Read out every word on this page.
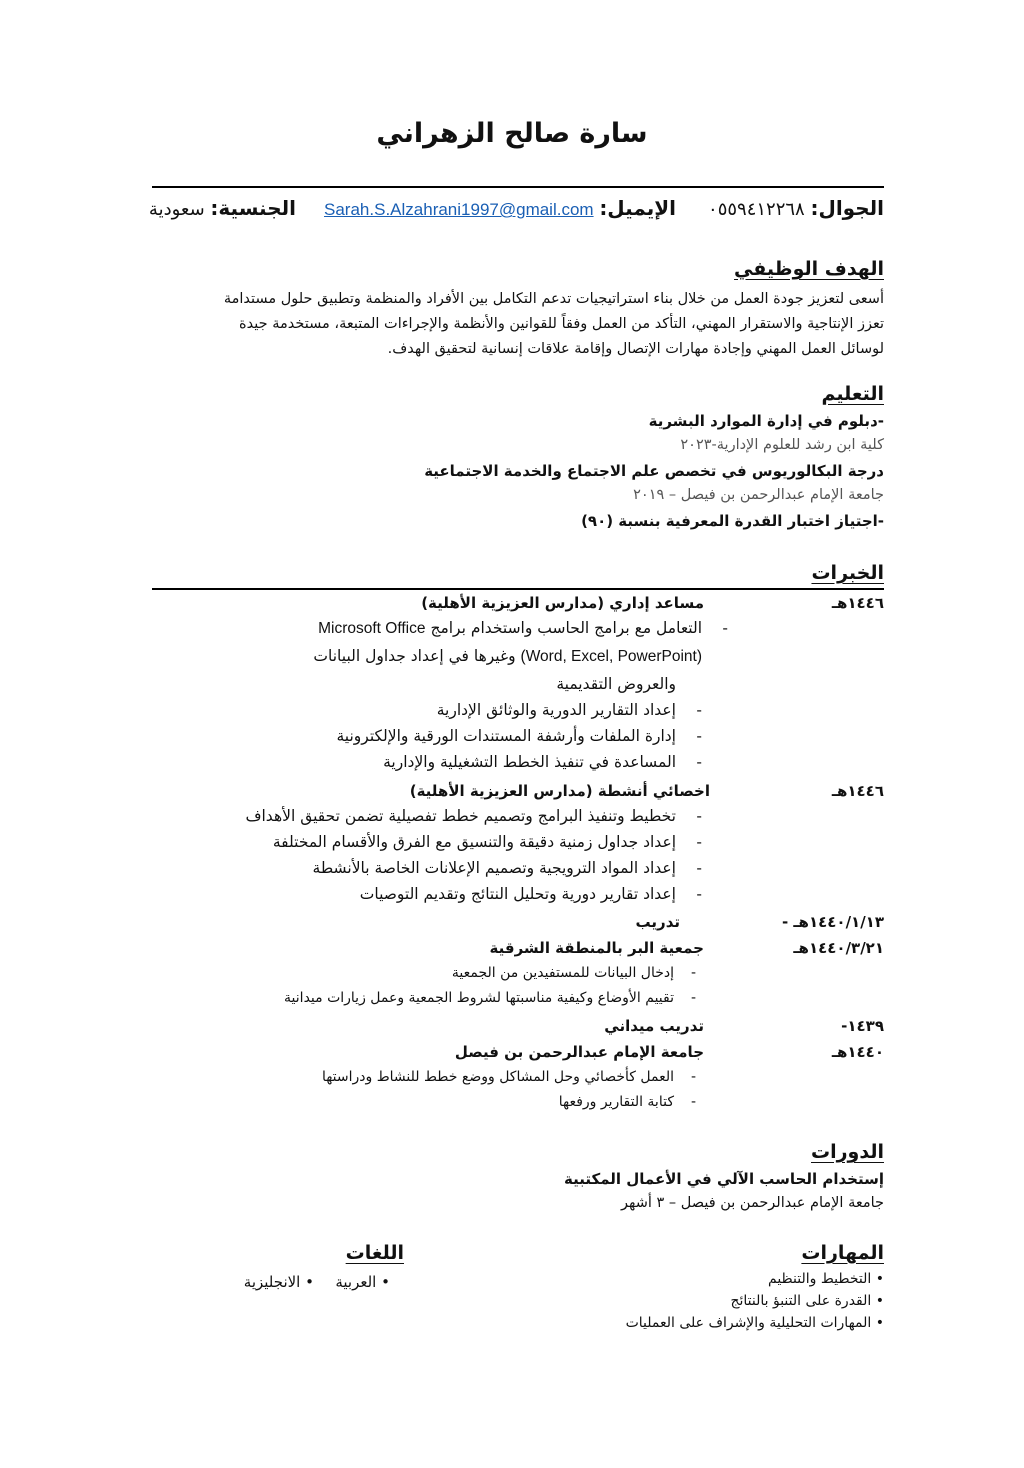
سارة صالح الزهراني
الجوال: ٠٥٥٩٤١٢٢٦٨
الإيميل: Sarah.S.Alzahrani1997@gmail.com
الجنسية: سعودية
الهدف الوظيفي
أسعى لتعزيز جودة العمل من خلال بناء استراتيجيات تدعم التكامل بين الأفراد والمنظمة وتطبيق حلول مستدامة
تعزز الإنتاجية والاستقرار المهني، التأكد من العمل وفقاً للقوانين والأنظمة والإجراءات المتبعة، مستخدمة جيدة
لوسائل العمل المهني وإجادة مهارات الإتصال وإقامة علاقات إنسانية لتحقيق الهدف.
التعليم
-دبلوم في إدارة الموارد البشرية
كلية ابن رشد للعلوم الإدارية-٢٠٢٣
درجة البكالوريوس في تخصص علم الاجتماع والخدمة الاجتماعية
جامعة الإمام عبدالرحمن بن فيصل – ٢٠١٩
-اجتياز اختبار القدرة المعرفية بنسبة (٩٠)
الخبرات
١٤٤٦هـ
مساعد إداري (مدارس العزيزية الأهلية)
-
التعامل مع برامج الحاسب واستخدام برامج Microsoft Office
(Word, Excel, PowerPoint) وغيرها في إعداد جداول البيانات
والعروض التقديمية
-
إعداد التقارير الدورية والوثائق الإدارية
-
إدارة الملفات وأرشفة المستندات الورقية والإلكترونية
-
المساعدة في تنفيذ الخطط التشغيلية والإدارية
١٤٤٦هـ
اخصائي أنشطة (مدارس العزيزية الأهلية)
-
تخطيط وتنفيذ البرامج وتصميم خطط تفصيلية تضمن تحقيق الأهداف
-
إعداد جداول زمنية دقيقة والتنسيق مع الفرق والأقسام المختلفة
-
إعداد المواد الترويجية وتصميم الإعلانات الخاصة بالأنشطة
-
إعداد تقارير دورية وتحليل النتائج وتقديم التوصيات
١٤٤٠/١/١٣هـ -
تدريب
١٤٤٠/٣/٢١هـ
جمعية البر بالمنطقة الشرقية
-
إدخال البيانات للمستفيدين من الجمعية
-
تقييم الأوضاع وكيفية مناسبتها لشروط الجمعية وعمل زيارات ميدانية
١٤٣٩-
تدريب ميداني
١٤٤٠هـ
جامعة الإمام عبدالرحمن بن فيصل
-
العمل كأخصائي وحل المشاكل ووضع خطط للنشاط ودراستها
-
كتابة التقارير ورفعها
الدورات
إستخدام الحاسب الآلي في الأعمال المكتبية
جامعة الإمام عبدالرحمن بن فيصل – ٣ أشهر
المهارات
• التخطيط والتنظيم
• القدرة على التنبؤ بالنتائج
• المهارات التحليلية والإشراف على العمليات
اللغات
• العربية
• الانجليزية
